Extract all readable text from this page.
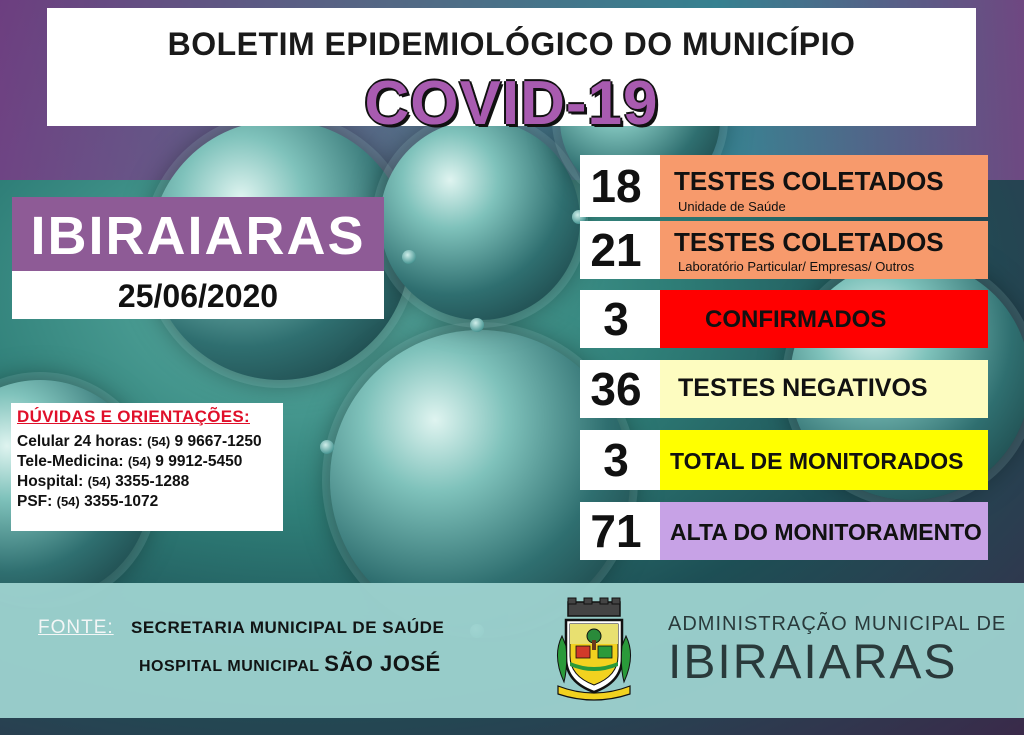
BOLETIM EPIDEMIOLÓGICO DO MUNICÍPIO
COVID-19
IBIRAIARAS
25/06/2020
DÚVIDAS E ORIENTAÇÕES:
Celular 24 horas: (54) 9 9667-1250
Tele-Medicina: (54) 9 9912-5450
Hospital: (54) 3355-1288
PSF: (54) 3355-1072
18	TESTES COLETADOS
Unidade de Saúde
21	TESTES COLETADOS
Laboratório Particular/ Empresas/ Outros
3	CONFIRMADOS
36	TESTES NEGATIVOS
3	TOTAL DE MONITORADOS
71	ALTA DO MONITORAMENTO
FONTE: SECRETARIA MUNICIPAL DE SAÚDE
HOSPITAL MUNICIPAL SÃO JOSÉ
ADMINISTRAÇÃO MUNICIPAL DE
IBIRAIARAS
